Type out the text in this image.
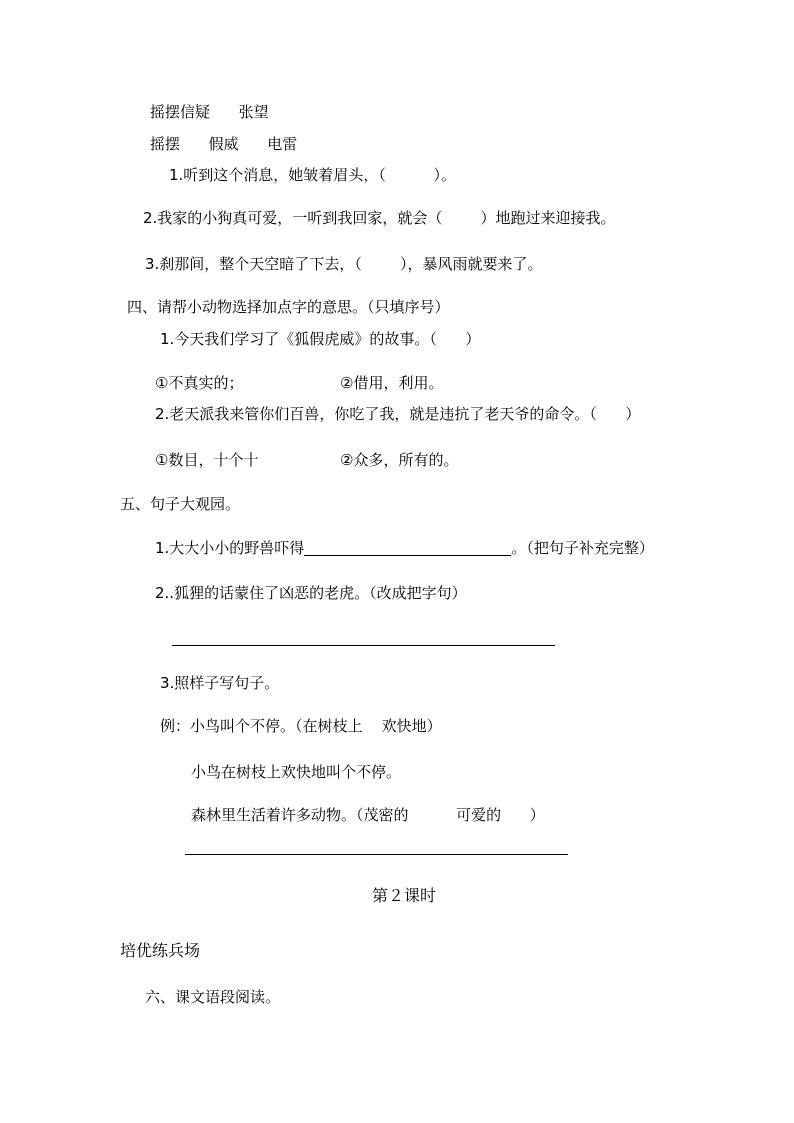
摇摆信疑      张望
摇摆      假威      电雷
1.听到这个消息，她皱着眉头，（          ）。
2.我家的小狗真可爱，一听到我回家，就会（        ）地跑过来迎接我。
3.刹那间，整个天空暗了下去，（        ），暴风雨就要来了。
四、请帮小动物选择加点字的意思。（只填序号）
1.今天我们学习了《狐假虎威》的故事。（      ）
①不真实的；	②借用，利用。
2.老天派我来管你们百兽，你吃了我，就是违抗了老天爷的命令。（      ）
①数目，十个十	②众多，所有的。
五、句子大观园。
1.大大小小的野兽吓得	。（把句子补充完整）
2..狐狸的话蒙住了凶恶的老虎。（改成把字句）
3.照样子写句子。
例：小鸟叫个不停。（在树枝上    欢快地）
小鸟在树枝上欢快地叫个不停。
森林里生活着许多动物。（茂密的          可爱的      ）
第２课时
培优练兵场
六、课文语段阅读。
